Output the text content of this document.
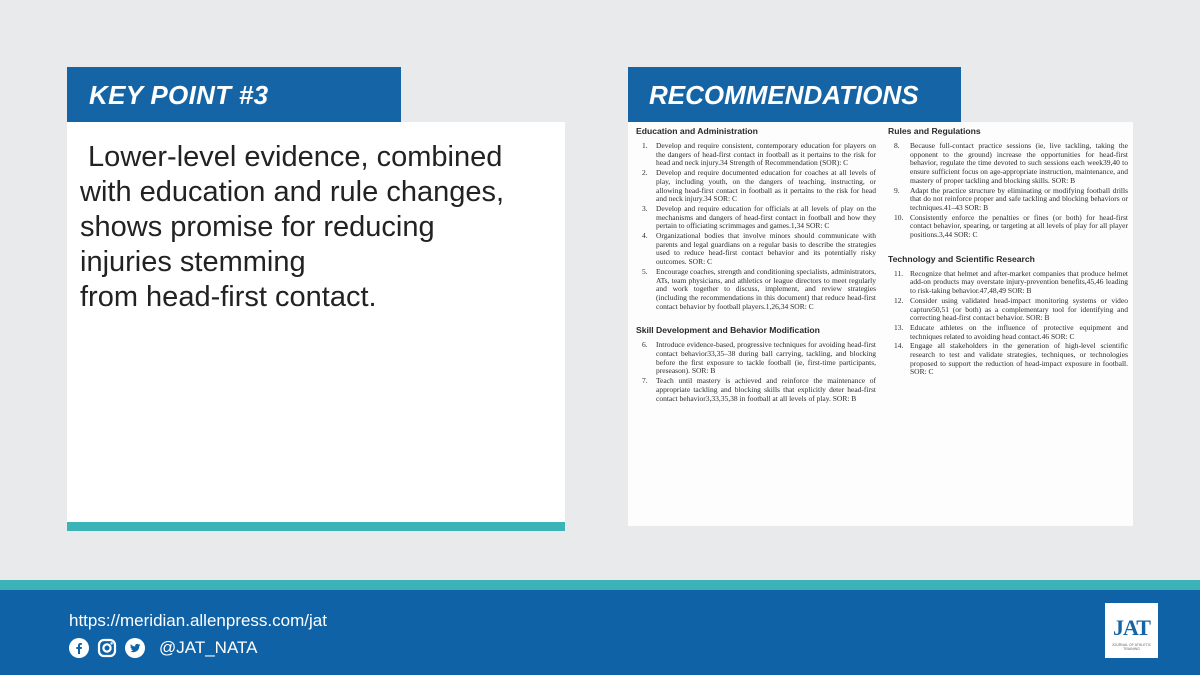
KEY POINT #3
Lower-level evidence, combined
with education and rule changes,
shows promise for reducing
injuries stemming
from head-first contact.
RECOMMENDATIONS
Education and Administration
1. Develop and require consistent, contemporary education for players on the dangers of head-first contact in football as it pertains to the risk for head and neck injury.34 Strength of Recommendation (SOR): C
2. Develop and require documented education for coaches at all levels of play, including youth, on the dangers of teaching, instructing, or allowing head-first contact in football as it pertains to the risk for head and neck injury.34 SOR: C
3. Develop and require education for officials at all levels of play on the mechanisms and dangers of head-first contact in football and how they pertain to officiating scrimmages and games.1,34 SOR: C
4. Organizational bodies that involve minors should communicate with parents and legal guardians on a regular basis to describe the strategies used to reduce head-first contact behavior and its potentially risky outcomes. SOR: C
5. Encourage coaches, strength and conditioning specialists, administrators, ATs, team physicians, and athletics or league directors to meet regularly and work together to discuss, implement, and review strategies (including the recommendations in this document) that reduce head-first contact behavior by football players.1,26,34 SOR: C
Skill Development and Behavior Modification
6. Introduce evidence-based, progressive techniques for avoiding head-first contact behavior33,35–38 during ball carrying, tackling, and blocking before the first exposure to tackle football (ie, first-time participants, preseason). SOR: B
7. Teach until mastery is achieved and reinforce the maintenance of appropriate tackling and blocking skills that explicitly deter head-first contact behavior3,33,35,38 in football at all levels of play. SOR: B
Rules and Regulations
8. Because full-contact practice sessions (ie, live tackling, taking the opponent to the ground) increase the opportunities for head-first behavior, regulate the time devoted to such sessions each week39,40 to ensure sufficient focus on age-appropriate instruction, maintenance, and mastery of proper tackling and blocking skills. SOR: B
9. Adapt the practice structure by eliminating or modifying football drills that do not reinforce proper and safe tackling and blocking behaviors or techniques.41–43 SOR: B
10. Consistently enforce the penalties or fines (or both) for head-first contact behavior, spearing, or targeting at all levels of play for all player positions.3,44 SOR: C
Technology and Scientific Research
11. Recognize that helmet and after-market companies that produce helmet add-on products may overstate injury-prevention benefits,45,46 leading to risk-taking behavior.47,48,49 SOR: B
12. Consider using validated head-impact monitoring systems or video capture50,51 (or both) as a complementary tool for identifying and correcting head-first contact behavior. SOR: B
13. Educate athletes on the influence of protective equipment and techniques related to avoiding head contact.46 SOR: C
14. Engage all stakeholders in the generation of high-level scientific research to test and validate strategies, techniques, or technologies proposed to support the reduction of head-impact exposure in football. SOR: C
https://meridian.allenpress.com/jat
@JAT_NATA
JAT
JOURNAL OF ATHLETIC TRAINING
